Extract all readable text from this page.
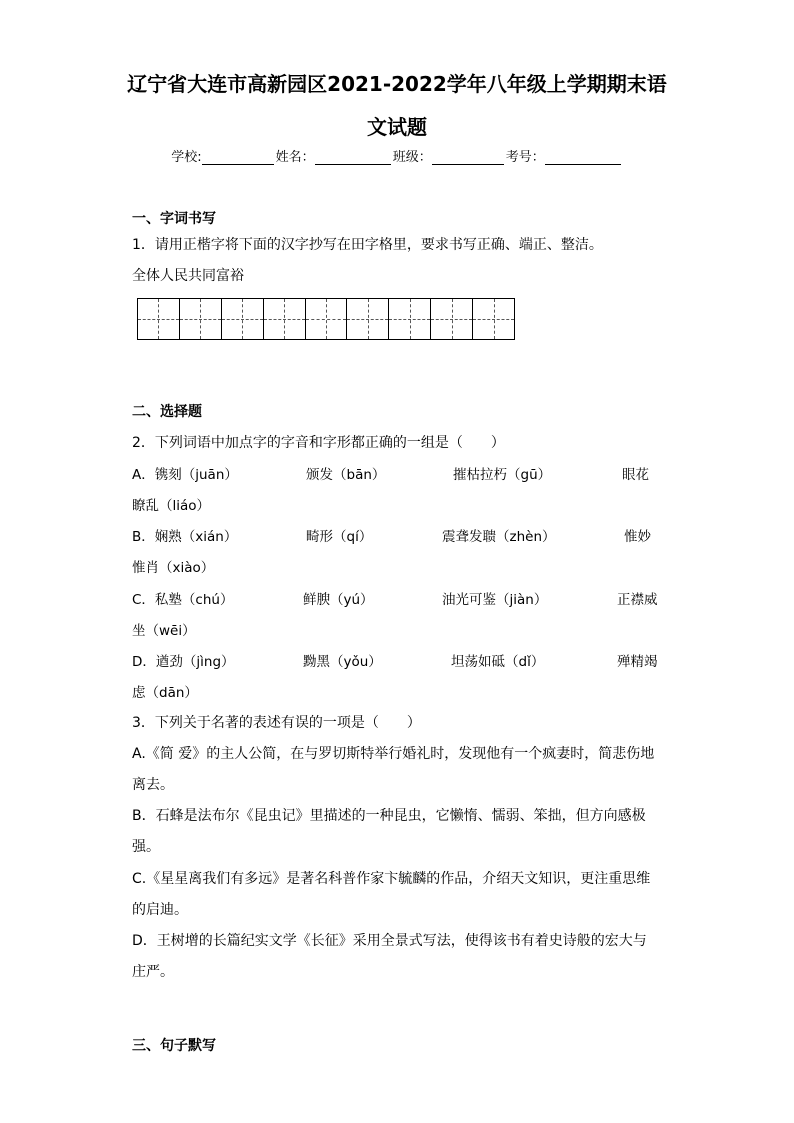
辽宁省大连市高新园区2021-2022学年八年级上学期期末语
文试题
学校:	姓名：	班级：	考号：
一、字词书写
1．请用正楷字将下面的汉字抄写在田字格里，要求书写正确、端正、整洁。
全体人民共同富裕
二、选择题
2．下列词语中加点字的字音和字形都正确的一组是（　　）
A．镌刻（juān）	颁发（bān）	摧枯拉朽（gū）	眼花
瞭乱（liáo）
B．娴熟（xián）	畸形（qí）	震聋发聩（zhèn）	惟妙
惟肖（xiào）
C．私塾（chú）	鲜腴（yú）	油光可鉴（jiàn）	正襟威
坐（wēi）
D．遒劲（jìng）	黝黑（yǒu）	坦荡如砥（dǐ）	殚精竭
虑（dān）
3．下列关于名著的表述有误的一项是（　　）
A.《简 爱》的主人公简，在与罗切斯特举行婚礼时，发现他有一个疯妻时，简悲伤地
离去。
B．石蜂是法布尔《昆虫记》里描述的一种昆虫，它懒惰、懦弱、笨拙，但方向感极
强。
C.《星星离我们有多远》是著名科普作家卞毓麟的作品，介绍天文知识，更注重思维
的启迪。
D．王树增的长篇纪实文学《长征》采用全景式写法，使得该书有着史诗般的宏大与
庄严。
三、句子默写
